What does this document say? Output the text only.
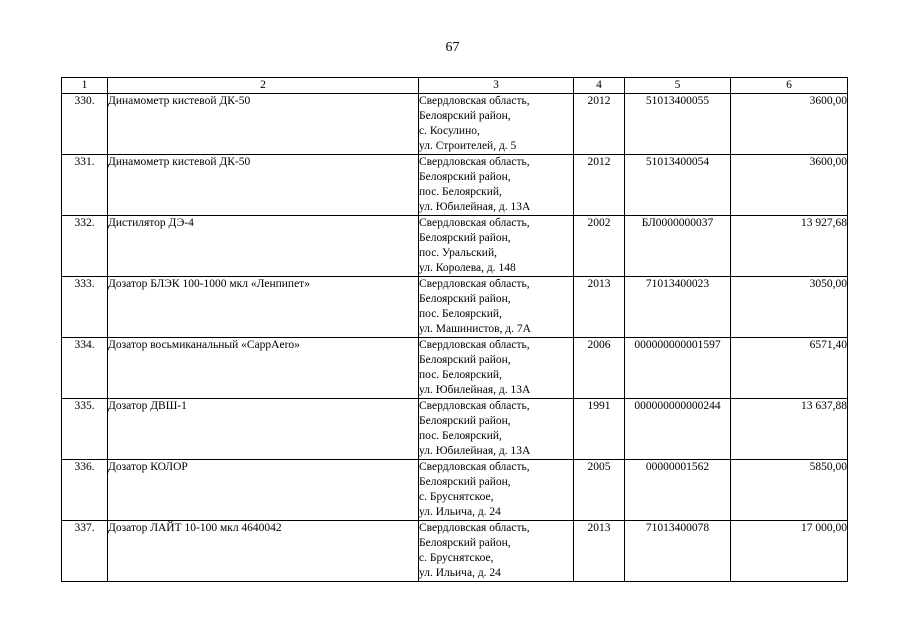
67
1	2	3	4	5	6
330.	Динамометр кистевой ДК-50	Свердловская область,
Белоярский район,
с. Косулино,
ул. Строителей, д. 5	2012	51013400055	3600,00
331.	Динамометр кистевой ДК-50	Свердловская область,
Белоярский район,
пос. Белоярский,
ул. Юбилейная, д. 13А	2012	51013400054	3600,00
332.	Дистилятор ДЭ-4	Свердловская область,
Белоярский район,
пос. Уральский,
ул. Королева, д. 148	2002	БЛ0000000037	13 927,68
333.	Дозатор БЛЭК 100-1000 мкл «Ленпипет»	Свердловская область,
Белоярский район,
пос. Белоярский,
ул. Машинистов, д. 7А	2013	71013400023	3050,00
334.	Дозатор восьмиканальный «CappAero»	Свердловская область,
Белоярский район,
пос. Белоярский,
ул. Юбилейная, д. 13А	2006	000000000001597	6571,40
335.	Дозатор ДВШ-1	Свердловская область,
Белоярский район,
пос. Белоярский,
ул. Юбилейная, д. 13А	1991	000000000000244	13 637,88
336.	Дозатор КОЛОР	Свердловская область,
Белоярский район,
с. Бруснятское,
ул. Ильича, д. 24	2005	00000001562	5850,00
337.	Дозатор ЛАЙТ 10-100 мкл 4640042	Свердловская область,
Белоярский район,
с. Бруснятское,
ул. Ильича, д. 24	2013	71013400078	17 000,00
